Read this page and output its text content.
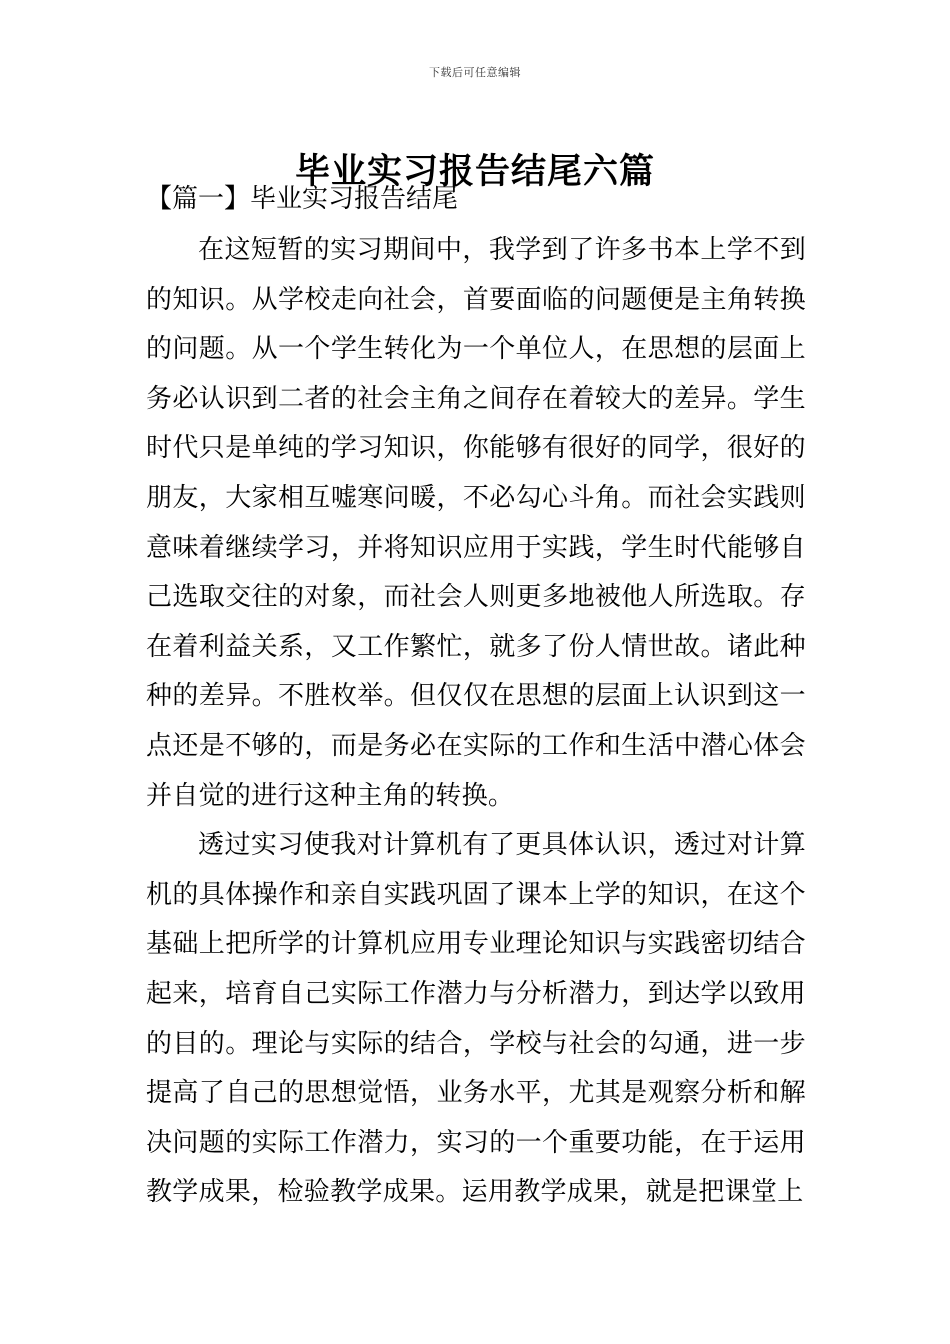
下载后可任意编辑
毕业实习报告结尾六篇
【篇一】毕业实习报告结尾

在这短暂的实习期间中，我学到了许多书本上学不到的知识。从学校走向社会，首要面临的问题便是主角转换的问题。从一个学生转化为一个单位人，在思想的层面上务必认识到二者的社会主角之间存在着较大的差异。学生时代只是单纯的学习知识，你能够有很好的同学，很好的朋友，大家相互嘘寒问暖，不必勾心斗角。而社会实践则意味着继续学习，并将知识应用于实践，学生时代能够自己选取交往的对象，而社会人则更多地被他人所选取。存在着利益关系，又工作繁忙，就多了份人情世故。诸此种种的差异。不胜枚举。但仅仅在思想的层面上认识到这一点还是不够的，而是务必在实际的工作和生活中潜心体会并自觉的进行这种主角的转换。

透过实习使我对计算机有了更具体认识，透过对计算机的具体操作和亲自实践巩固了课本上学的知识，在这个基础上把所学的计算机应用专业理论知识与实践密切结合起来，培育自己实际工作潜力与分析潜力，到达学以致用的目的。理论与实际的结合，学校与社会的勾通，进一步提高了自己的思想觉悟，业务水平，尤其是观察分析和解决问题的实际工作潜力，实习的一个重要功能，在于运用教学成果，检验教学成果。运用教学成果，就是把课堂上
